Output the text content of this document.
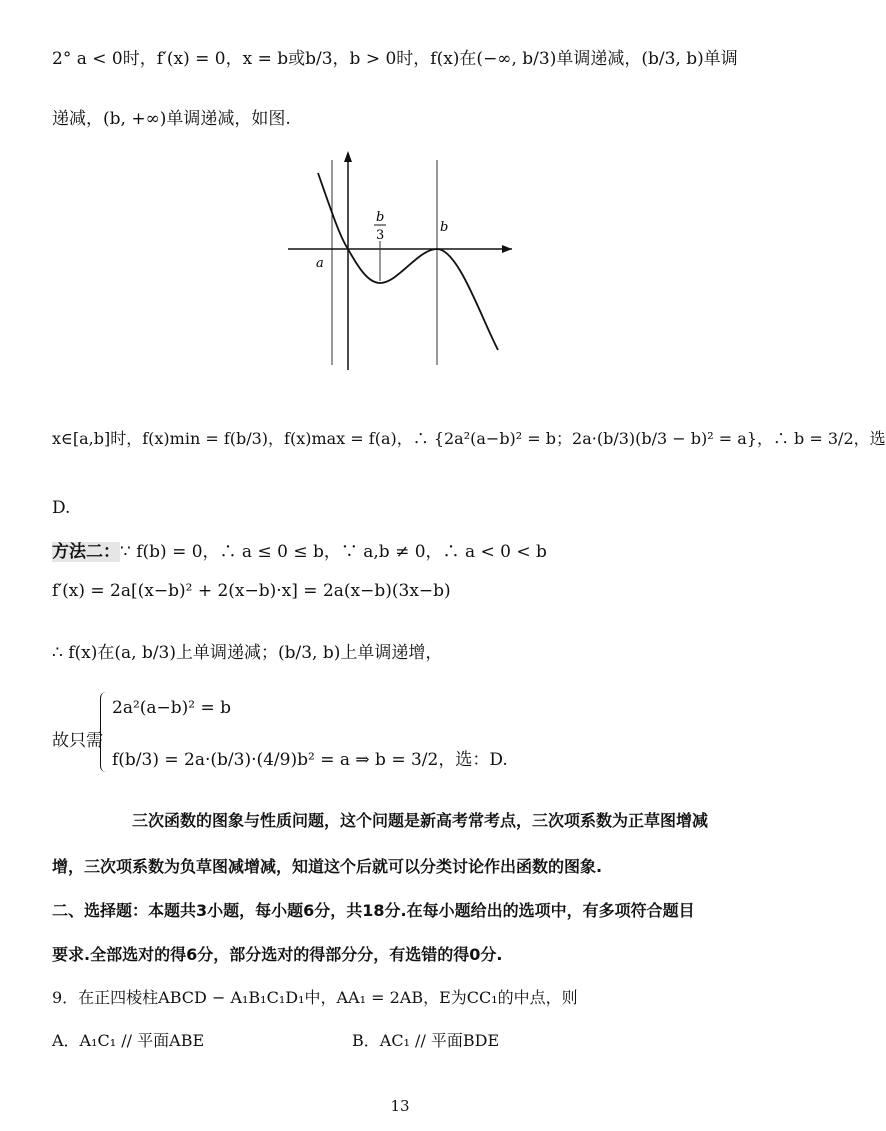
2° a < 0时，f′(x) = 0，x = b或b/3，b > 0时，f(x)在(−∞, b/3)单调递减，(b/3, b)单调
递减，(b, +∞)单调递减，如图.
a
b
3
b
x∈[a,b]时，f(x)min = f(b/3)，f(x)max = f(a)，∴ {2a²(a−b)² = b；2a·(b/3)(b/3 − b)² = a}，∴ b = 3/2，选
D.
方法二：∵ f(b) = 0，∴ a ≤ 0 ≤ b，∵ a,b ≠ 0，∴ a < 0 < b
f′(x) = 2a[(x−b)² + 2(x−b)·x] = 2a(x−b)(3x−b)
∴ f(x)在(a, b/3)上单调递减；(b/3, b)上单调递增，
2a²(a−b)² = b
故只需
f(b/3) = 2a·(b/3)·(4/9)b² = a ⇒ b = 3/2，选：D.
三次函数的图象与性质问题，这个问题是新高考常考点，三次项系数为正草图增减
增，三次项系数为负草图减增减，知道这个后就可以分类讨论作出函数的图象.
二、选择题：本题共3小题，每小题6分，共18分.在每小题给出的选项中，有多项符合题目
要求.全部选对的得6分，部分选对的得部分分，有选错的得0分.
9．在正四棱柱ABCD − A₁B₁C₁D₁中，AA₁ = 2AB，E为CC₁的中点，则
A．A₁C₁ // 平面ABE	B．AC₁ // 平面BDE
13
